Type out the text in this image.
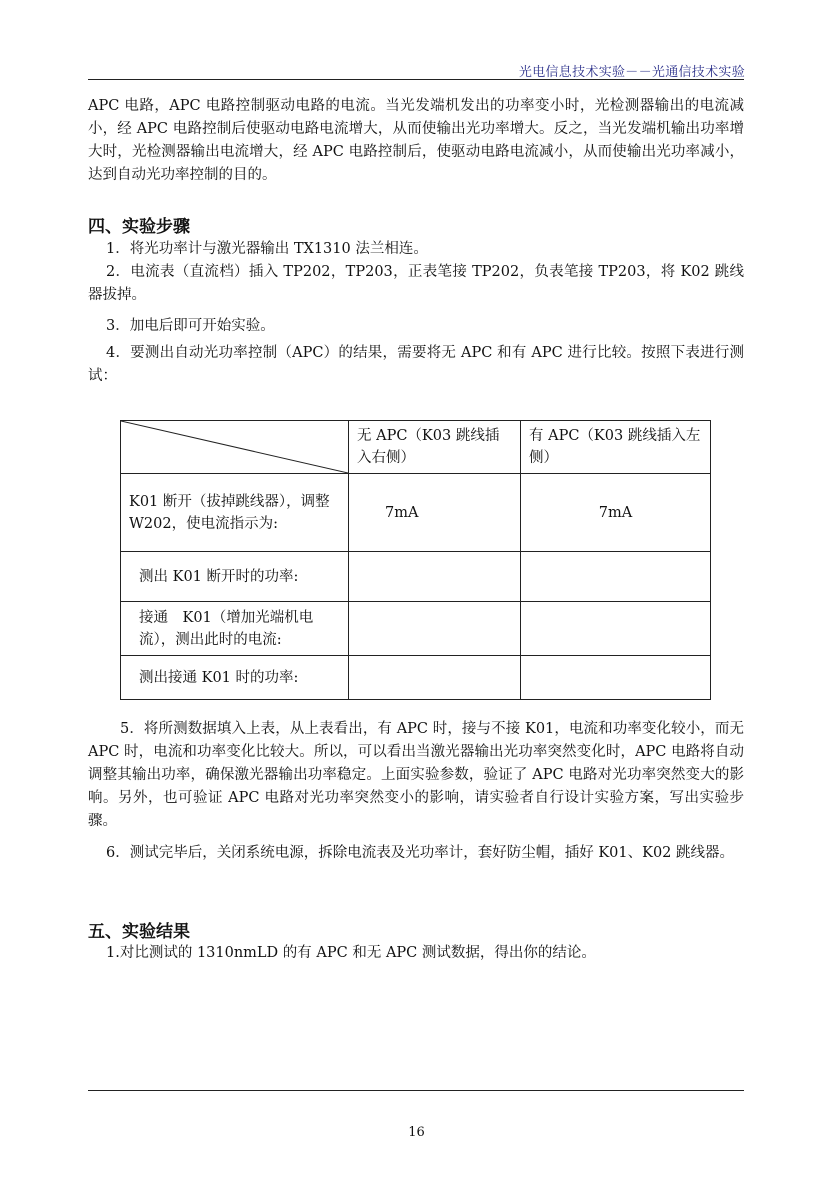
光电信息技术实验－－光通信技术实验

APC 电路，APC 电路控制驱动电路的电流。当光发端机发出的功率变小时，光检测器输出的电流减小，经 APC 电路控制后使驱动电路电流增大，从而使输出光功率增大。反之，当光发端机输出功率增大时，光检测器输出电流增大，经 APC 电路控制后，使驱动电路电流减小，从而使输出光功率减小，达到自动光功率控制的目的。

四、实验步骤

1．将光功率计与激光器输出 TX1310 法兰相连。

2．电流表（直流档）插入 TP202，TP203，正表笔接 TP202，负表笔接 TP203，将 K02 跳线器拔掉。

3．加电后即可开始实验。

4．要测出自动光功率控制（APC）的结果，需要将无 APC 和有 APC 进行比较。按照下表进行测试：

	无 APC（K03 跳线插入右侧）	有 APC（K03 跳线插入左侧）
K01 断开（拔掉跳线器），调整 W202，使电流指示为:	7mA	7mA
测出 K01 断开时的功率:		
接通　K01（增加光端机电流），测出此时的电流:		
测出接通 K01 时的功率:		

5．将所测数据填入上表，从上表看出，有 APC 时，接与不接 K01，电流和功率变化较小，而无 APC 时，电流和功率变化比较大。所以，可以看出当激光器输出光功率突然变化时，APC 电路将自动调整其输出功率，确保激光器输出功率稳定。上面实验参数，验证了 APC 电路对光功率突然变大的影响。另外，也可验证 APC 电路对光功率突然变小的影响，请实验者自行设计实验方案，写出实验步骤。

6．测试完毕后，关闭系统电源，拆除电流表及光功率计，套好防尘帽，插好 K01、K02 跳线器。

五、实验结果

1.对比测试的 1310nmLD 的有 APC 和无 APC 测试数据，得出你的结论。

16
